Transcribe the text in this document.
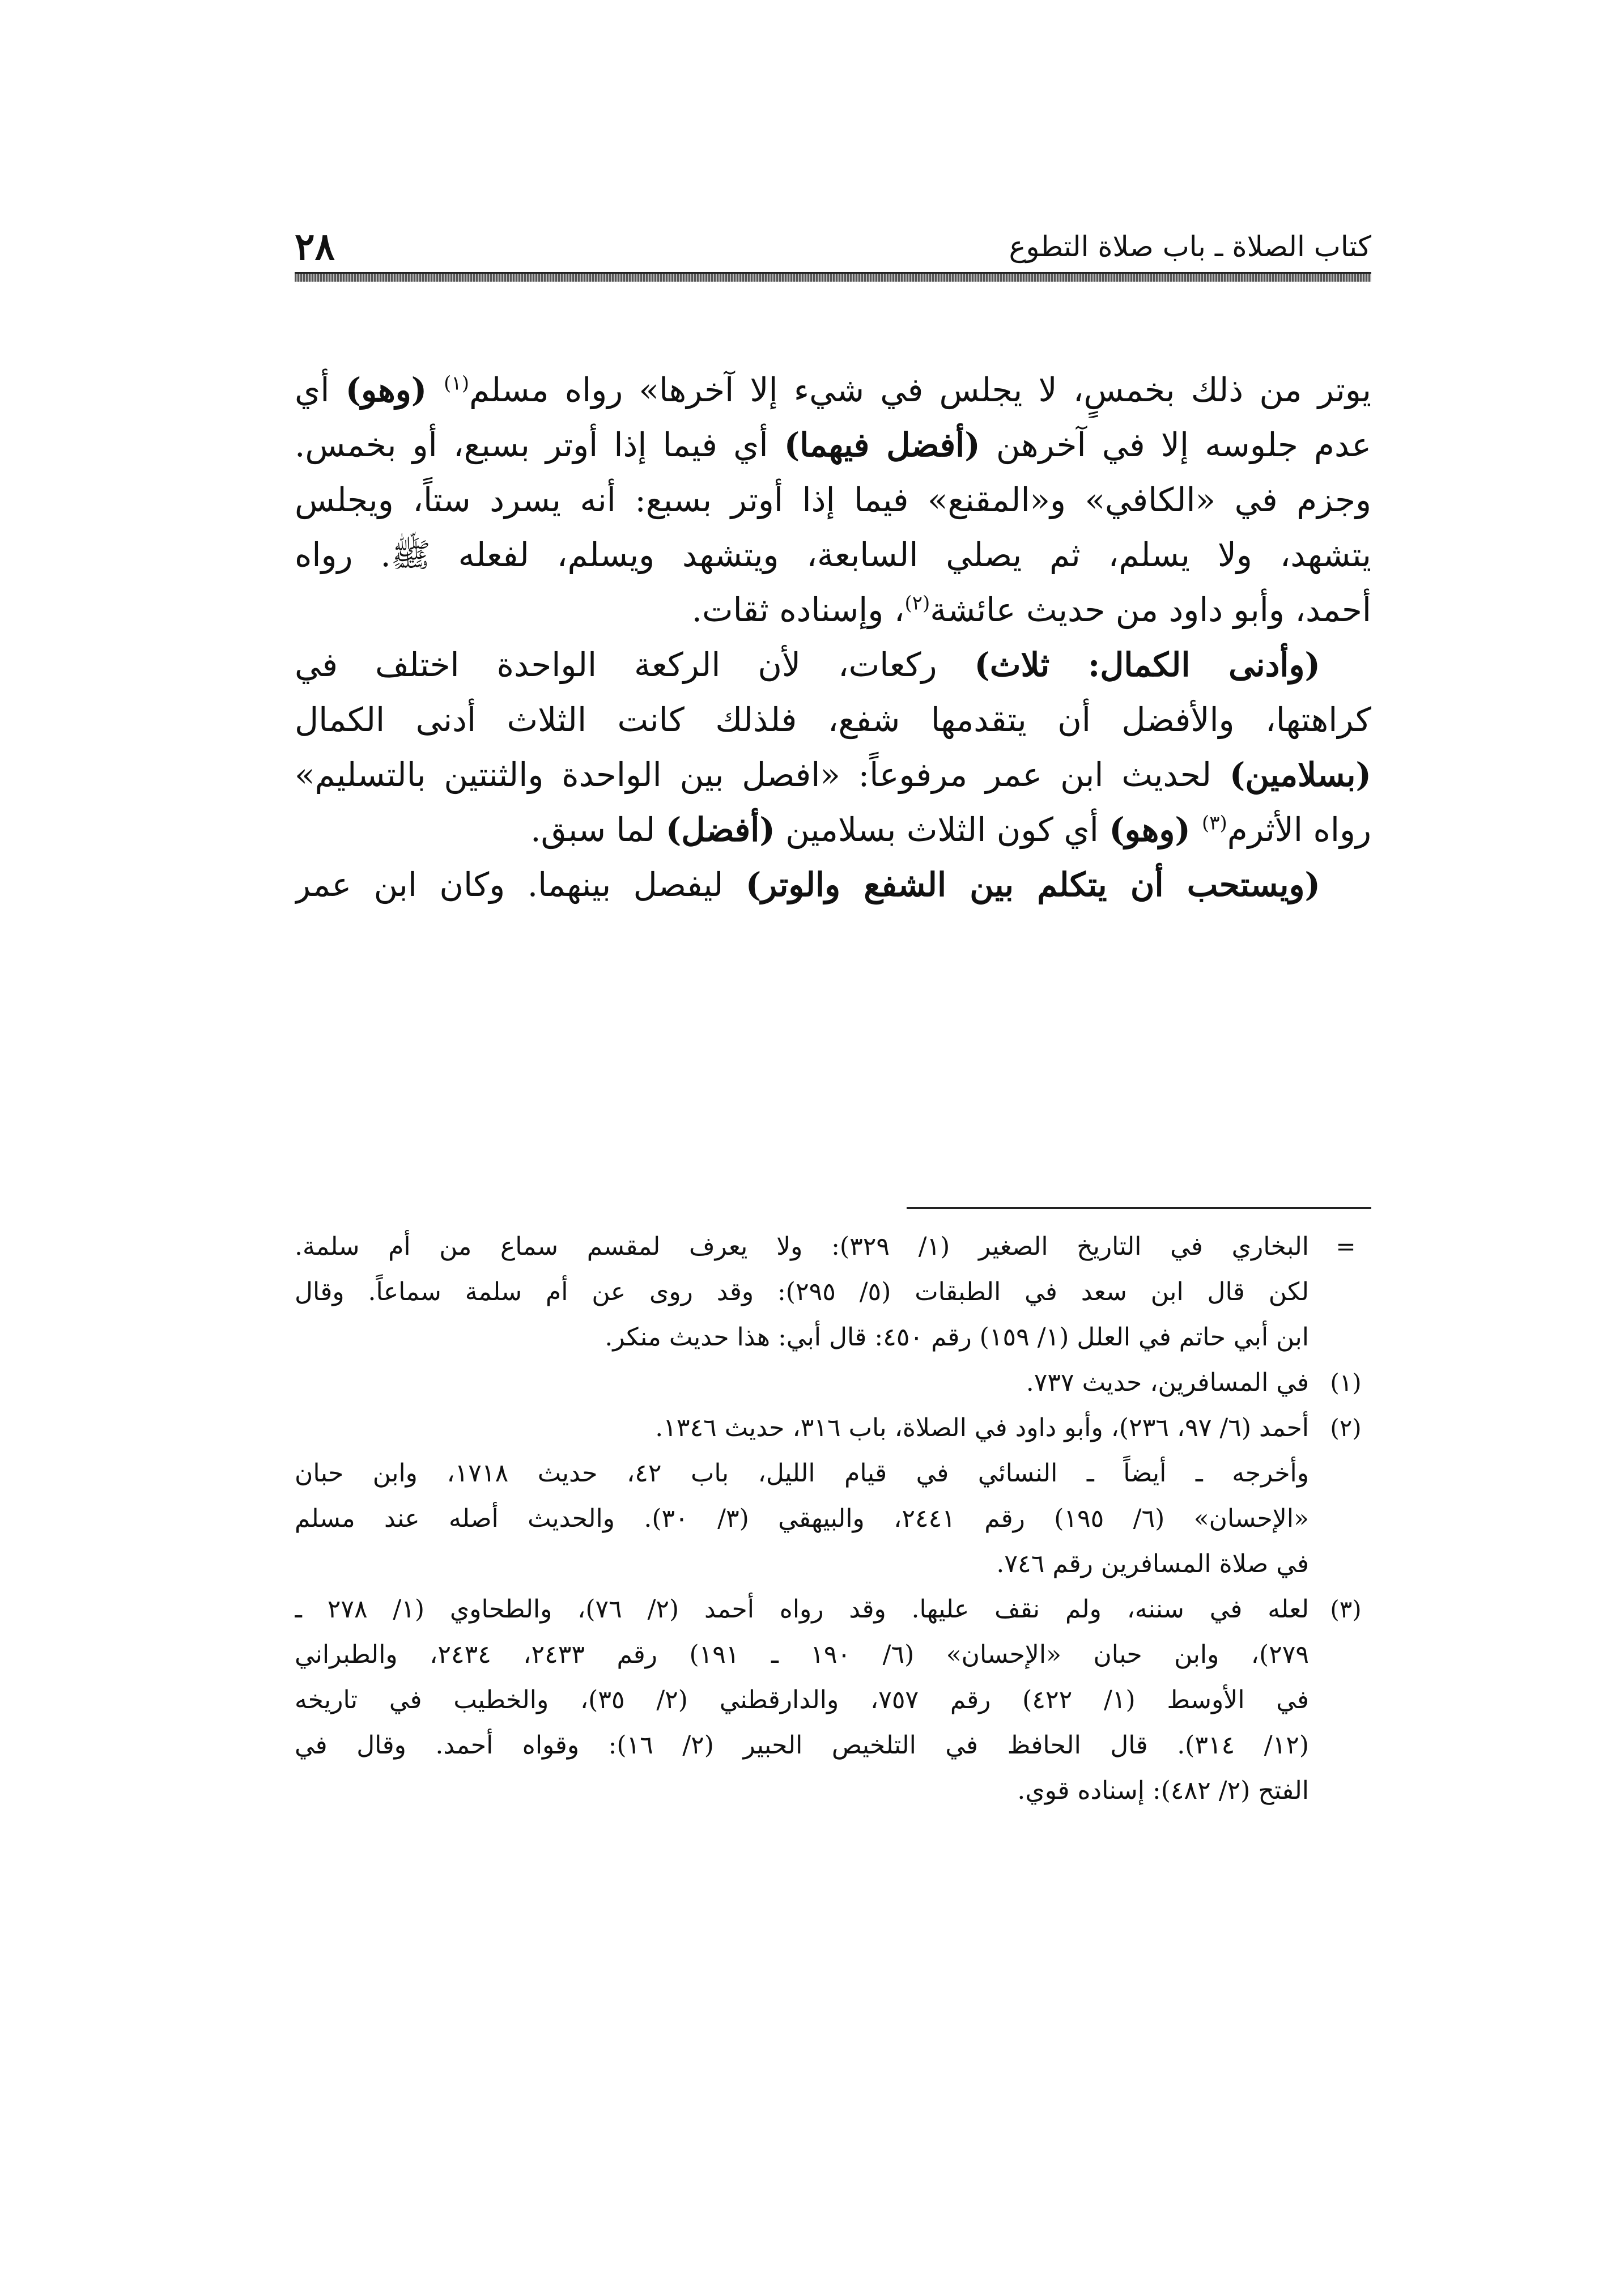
٢٨	كتاب الصلاة ـ باب صلاة التطوع
يوتر من ذلك بخمسٍ، لا يجلس في شيء إلا آخرها» رواه مسلم$^{(١)}$ (وهو) أي
عدم جلوسه إلا في آخرهن (أفضل فيهما) أي فيما إذا أوتر بسبع، أو بخمس.
وجزم في «الكافي» و«المقنع» فيما إذا أوتر بسبع: أنه يسرد ستاً، ويجلس
يتشهد، ولا يسلم، ثم يصلي السابعة، ويتشهد ويسلم، لفعله ﷺ. رواه
أحمد، وأبو داود من حديث عائشة$^{(٢)}$، وإسناده ثقات.
(وأدنى الكمال: ثلاث) ركعات، لأن الركعة الواحدة اختلف في
كراهتها، والأفضل أن يتقدمها شفع، فلذلك كانت الثلاث أدنى الكمال
(بسلامين) لحديث ابن عمر مرفوعاً: «افصل بين الواحدة والثنتين بالتسليم»
رواه الأثرم$^{(٣)}$ (وهو) أي كون الثلاث بسلامين (أفضل) لما سبق.
(ويستحب أن يتكلم بين الشفع والوتر) ليفصل بينهما. وكان ابن عمر
=
البخاري في التاريخ الصغير (١/ ٣٢٩): ولا يعرف لمقسم سماع من أم سلمة.
لكن قال ابن سعد في الطبقات (٥/ ٢٩٥): وقد روى عن أم سلمة سماعاً. وقال
ابن أبي حاتم في العلل (١/ ١٥٩) رقم ٤٥٠: قال أبي: هذا حديث منكر.
(١)
في المسافرين، حديث ٧٣٧.
(٢)
أحمد (٦/ ٩٧، ٢٣٦)، وأبو داود في الصلاة، باب ٣١٦، حديث ١٣٤٦.
وأخرجه ـ أيضاً ـ النسائي في قيام الليل، باب ٤٢، حديث ١٧١٨، وابن حبان
«الإحسان» (٦/ ١٩٥) رقم ٢٤٤١، والبيهقي (٣/ ٣٠). والحديث أصله عند مسلم
في صلاة المسافرين رقم ٧٤٦.
(٣)
لعله في سننه، ولم نقف عليها. وقد رواه أحمد (٢/ ٧٦)، والطحاوي (١/ ٢٧٨ ـ
٢٧٩)، وابن حبان «الإحسان» (٦/ ١٩٠ ـ ١٩١) رقم ٢٤٣٣، ٢٤٣٤، والطبراني
في الأوسط (١/ ٤٢٢) رقم ٧٥٧، والدارقطني (٢/ ٣٥)، والخطيب في تاريخه
(١٢/ ٣١٤). قال الحافظ في التلخيص الحبير (٢/ ١٦): وقواه أحمد. وقال في
الفتح (٢/ ٤٨٢): إسناده قوي.
